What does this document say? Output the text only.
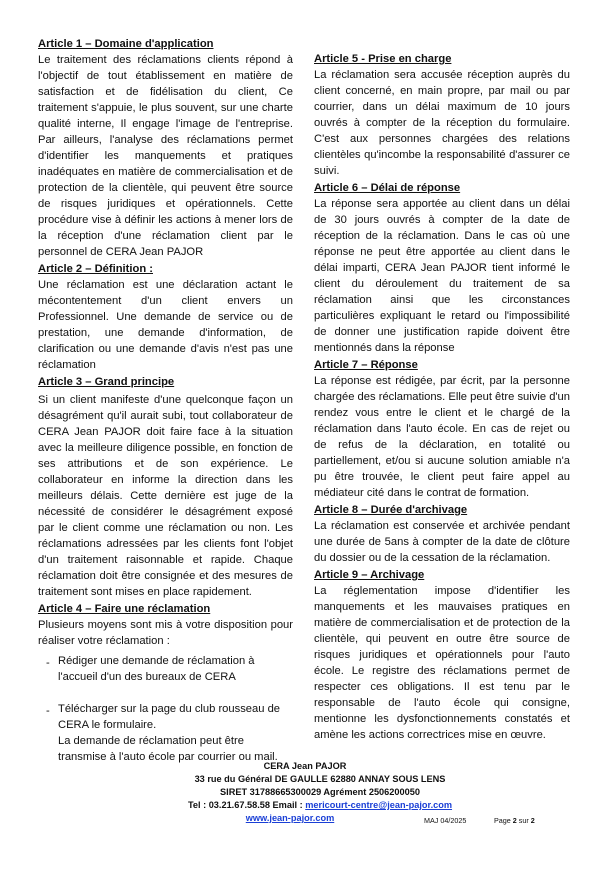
Article 1 – Domaine d'application

Le traitement des réclamations clients répond à l'objectif de tout établissement en matière de satisfaction et de fidélisation du client, Ce traitement s'appuie, le plus souvent, sur une charte qualité interne, Il engage l'image de l'entreprise. Par ailleurs, l'analyse des réclamations permet d'identifier les manquements et pratiques inadéquates en matière de commercialisation et de protection de la clientèle, qui peuvent être source de risques juridiques et opérationnels. Cette procédure vise à définir les actions à mener lors de la réception d'une réclamation client par le personnel de CERA Jean PAJOR

Article 2 – Définition :

Une réclamation est une déclaration actant le mécontentement d'un client envers un Professionnel. Une demande de service ou de prestation, une demande d'information, de clarification ou une demande d'avis n'est pas une réclamation

Article 3 – Grand principe

Si un client manifeste d'une quelconque façon un désagrément qu'il aurait subi, tout collaborateur de CERA Jean PAJOR doit faire face à la situation avec la meilleure diligence possible, en fonction de ses attributions et de son expérience. Le collaborateur en informe la direction dans les meilleurs délais. Cette dernière est juge de la nécessité de considérer le désagrément exposé par le client comme une réclamation ou non. Les réclamations adressées par les clients font l'objet d'un traitement raisonnable et rapide. Chaque réclamation doit être consignée et des mesures de traitement sont mises en place rapidement.

Article 4 – Faire une réclamation

Plusieurs moyens sont mis à votre disposition pour réaliser votre réclamation :

- Rédiger une demande de réclamation à l'accueil d'un des bureaux de CERA

- Télécharger sur la page du club rousseau de CERA le formulaire.

La demande de réclamation peut être transmise à l'auto école par courrier ou mail.

Article 5 - Prise en charge

La réclamation sera accusée réception auprès du client concerné, en main propre, par mail ou par courrier, dans un délai maximum de 10 jours ouvrés à compter de la réception du formulaire. C'est aux personnes chargées des relations clientèles qu'incombe la responsabilité d'assurer ce suivi.

Article 6 – Délai de réponse

La réponse sera apportée au client dans un délai de 30 jours ouvrés à compter de la date de réception de la réclamation. Dans le cas où une réponse ne peut être apportée au client dans le délai imparti, CERA Jean PAJOR tient informé le client du déroulement du traitement de sa réclamation ainsi que les circonstances particulières expliquant le retard ou l'impossibilité de donner une justification rapide doivent être mentionnés dans la réponse

Article 7 – Réponse

La réponse est rédigée, par écrit, par la personne chargée des réclamations. Elle peut être suivie d'un rendez vous entre le client et le chargé de la réclamation dans l'auto école. En cas de rejet ou de refus de la déclaration, en totalité ou partiellement, et/ou si aucune solution amiable n'a pu être trouvée, le client peut faire appel au médiateur cité dans le contrat de formation.

Article 8 – Durée d'archivage

La réclamation est conservée et archivée pendant une durée de 5ans à compter de la date de clôture du dossier ou de la cessation de la réclamation.

Article 9 – Archivage

La réglementation impose d'identifier les manquements et les mauvaises pratiques en matière de commercialisation et de protection de la clientèle, qui peuvent en outre être source de risques juridiques et opérationnels pour l'auto école. Le registre des réclamations permet de respecter ces obligations. Il est tenu par le responsable de l'auto école qui consigne, mentionne les dysfonctionnements constatés et amène les actions correctrices mise en œuvre.

CERA Jean PAJOR
33 rue du Général DE GAULLE 62880 ANNAY SOUS LENS
SIRET 31788665300029 Agrément 2506200050
Tel : 03.21.67.58.58 Email : mericourt-centre@jean-pajor.com
www.jean-pajor.com	MAJ 04/2025	Page 2 sur 2
